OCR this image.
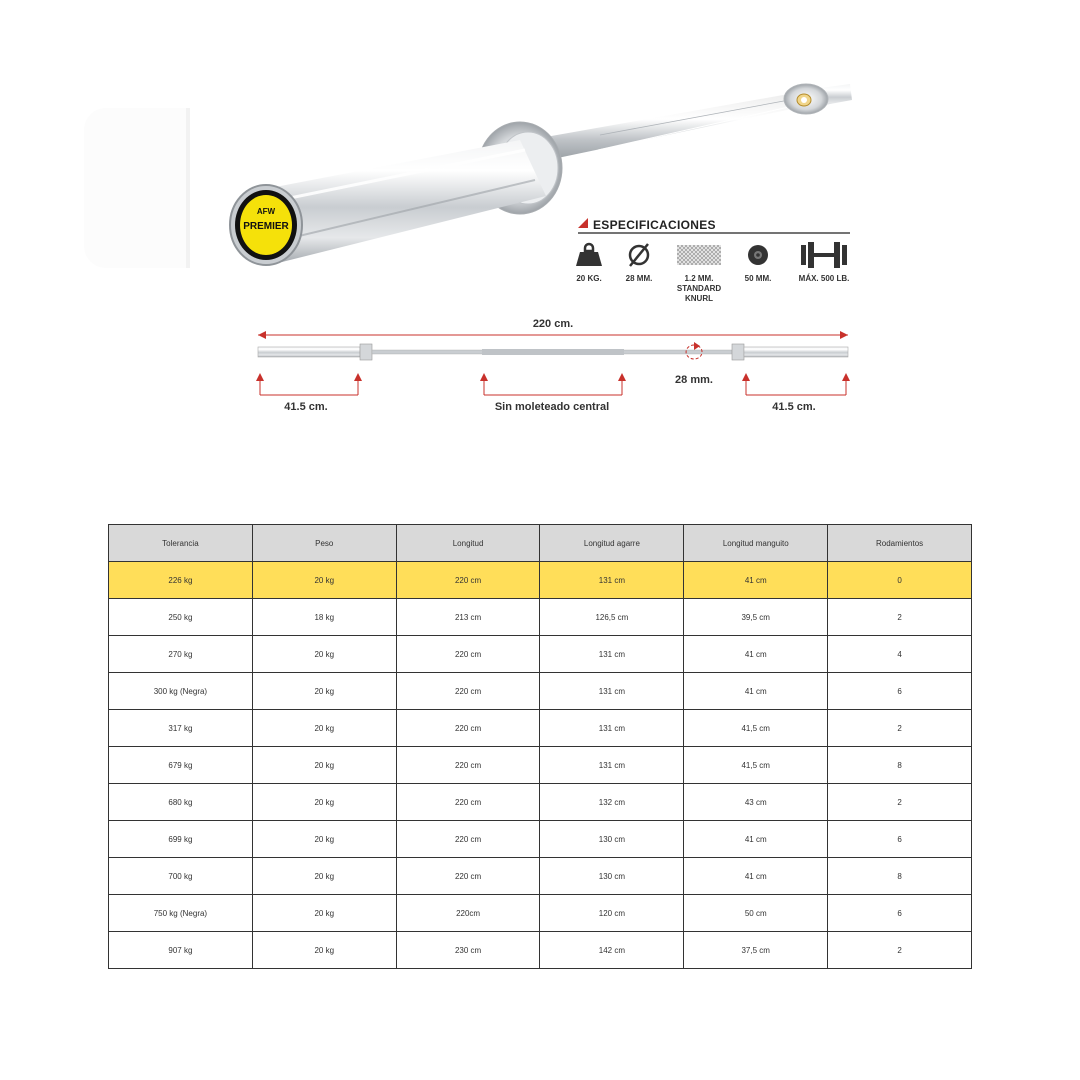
AFW
PREMIER	ESPECIFICACIONES
20 KG.	28 MM.	1.2 MM.
STANDARD
KNURL
50 MM.	MÁX. 500 LB.
220 cm.
41.5 cm.	Sin moleteado central
28 mm.
41.5 cm.
Tolerancia	Peso	Longitud	Longitud agarre	Longitud manguito	Rodamientos
226 kg	20 kg	220 cm	131 cm	41 cm	0
250 kg	18 kg	213 cm	126,5 cm	39,5 cm	2
270 kg	20 kg	220 cm	131 cm	41 cm	4
300 kg (Negra)	20 kg	220 cm	131 cm	41 cm	6
317 kg	20 kg	220 cm	131 cm	41,5 cm	2
679 kg	20 kg	220 cm	131 cm	41,5 cm	8
680 kg	20 kg	220 cm	132 cm	43 cm	2
699 kg	20 kg	220 cm	130 cm	41 cm	6
700 kg	20 kg	220 cm	130 cm	41 cm	8
750 kg (Negra)	20 kg	220cm	120 cm	50 cm	6
907 kg	20 kg	230 cm	142 cm	37,5 cm	2
